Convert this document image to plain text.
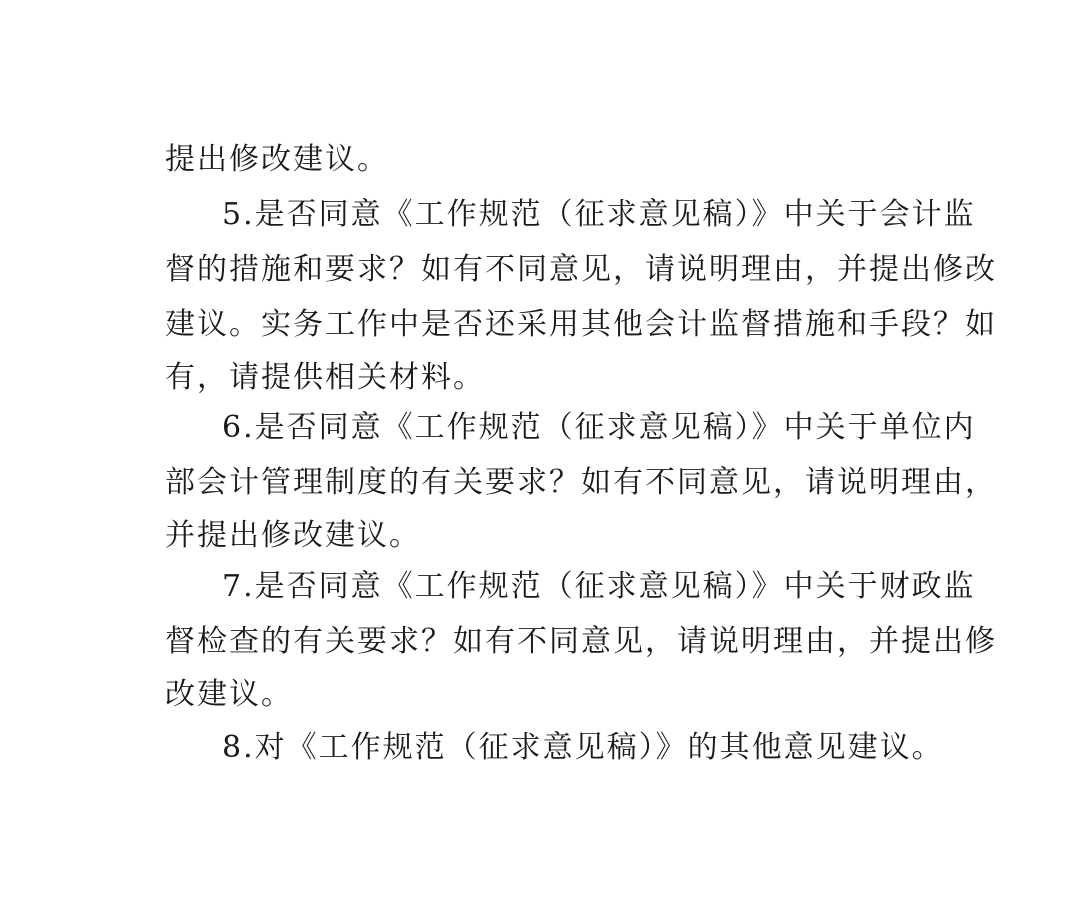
提出修改建议。
5.是否同意《工作规范（征求意见稿）》中关于会计监
督的措施和要求？如有不同意见，请说明理由，并提出修改
建议。实务工作中是否还采用其他会计监督措施和手段？如
有，请提供相关材料。
6.是否同意《工作规范（征求意见稿）》中关于单位内
部会计管理制度的有关要求？如有不同意见，请说明理由，
并提出修改建议。
7.是否同意《工作规范（征求意见稿）》中关于财政监
督检查的有关要求？如有不同意见，请说明理由，并提出修
改建议。
8.对《工作规范（征求意见稿）》的其他意见建议。
